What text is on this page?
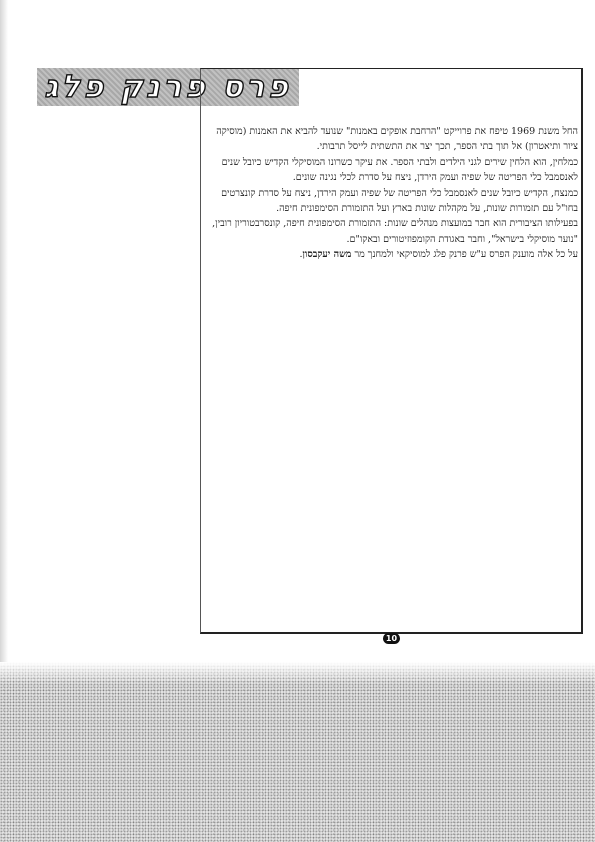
פרס פרנק פלג

החל משנת 1969 טיפח את פרוייקט "הרחבת אופקים באמנות" שנועד להביא את האמנות (מוסיקה ציור ותיאטרון) אל תוך בתי הספר, תכך יצר את התשתית לייסל תרבותי.

כמלחין, הוא הלחין שירים לגני הילדים ולבתי הספר. את עיקר כשרונו המוסיקלי הקדיש כיובל שנים לאנסמבל כלי הפריטה של שפיה ועמק הירדן, ניצח על סדרת לכלי נגינה שונים.

כמנצח, הקדיש כיובל שנים לאנסמבל כלי הפריטה של שפיה ועמק הירדן, ניצח על סדרת קונצרטים בחו"ל עם תזמורות שונות, על מקהלות שונות בארץ ועל התזמורת הסימפונית חיפה.

בפעילותו הציבורית הוא חבר במועצות מנהלים שונות: התזמורת הסימפונית חיפה, קונסרבטוריון רובין, "נוער מוסיקלי בישראל", וחבר באגודת הקומפוזיטורים ובאקו"ם.

על כל אלה מוענק הפרס ע"ש פרנק פלג למוסיקאי ולמחנך מר משה יעקבסון.

10
